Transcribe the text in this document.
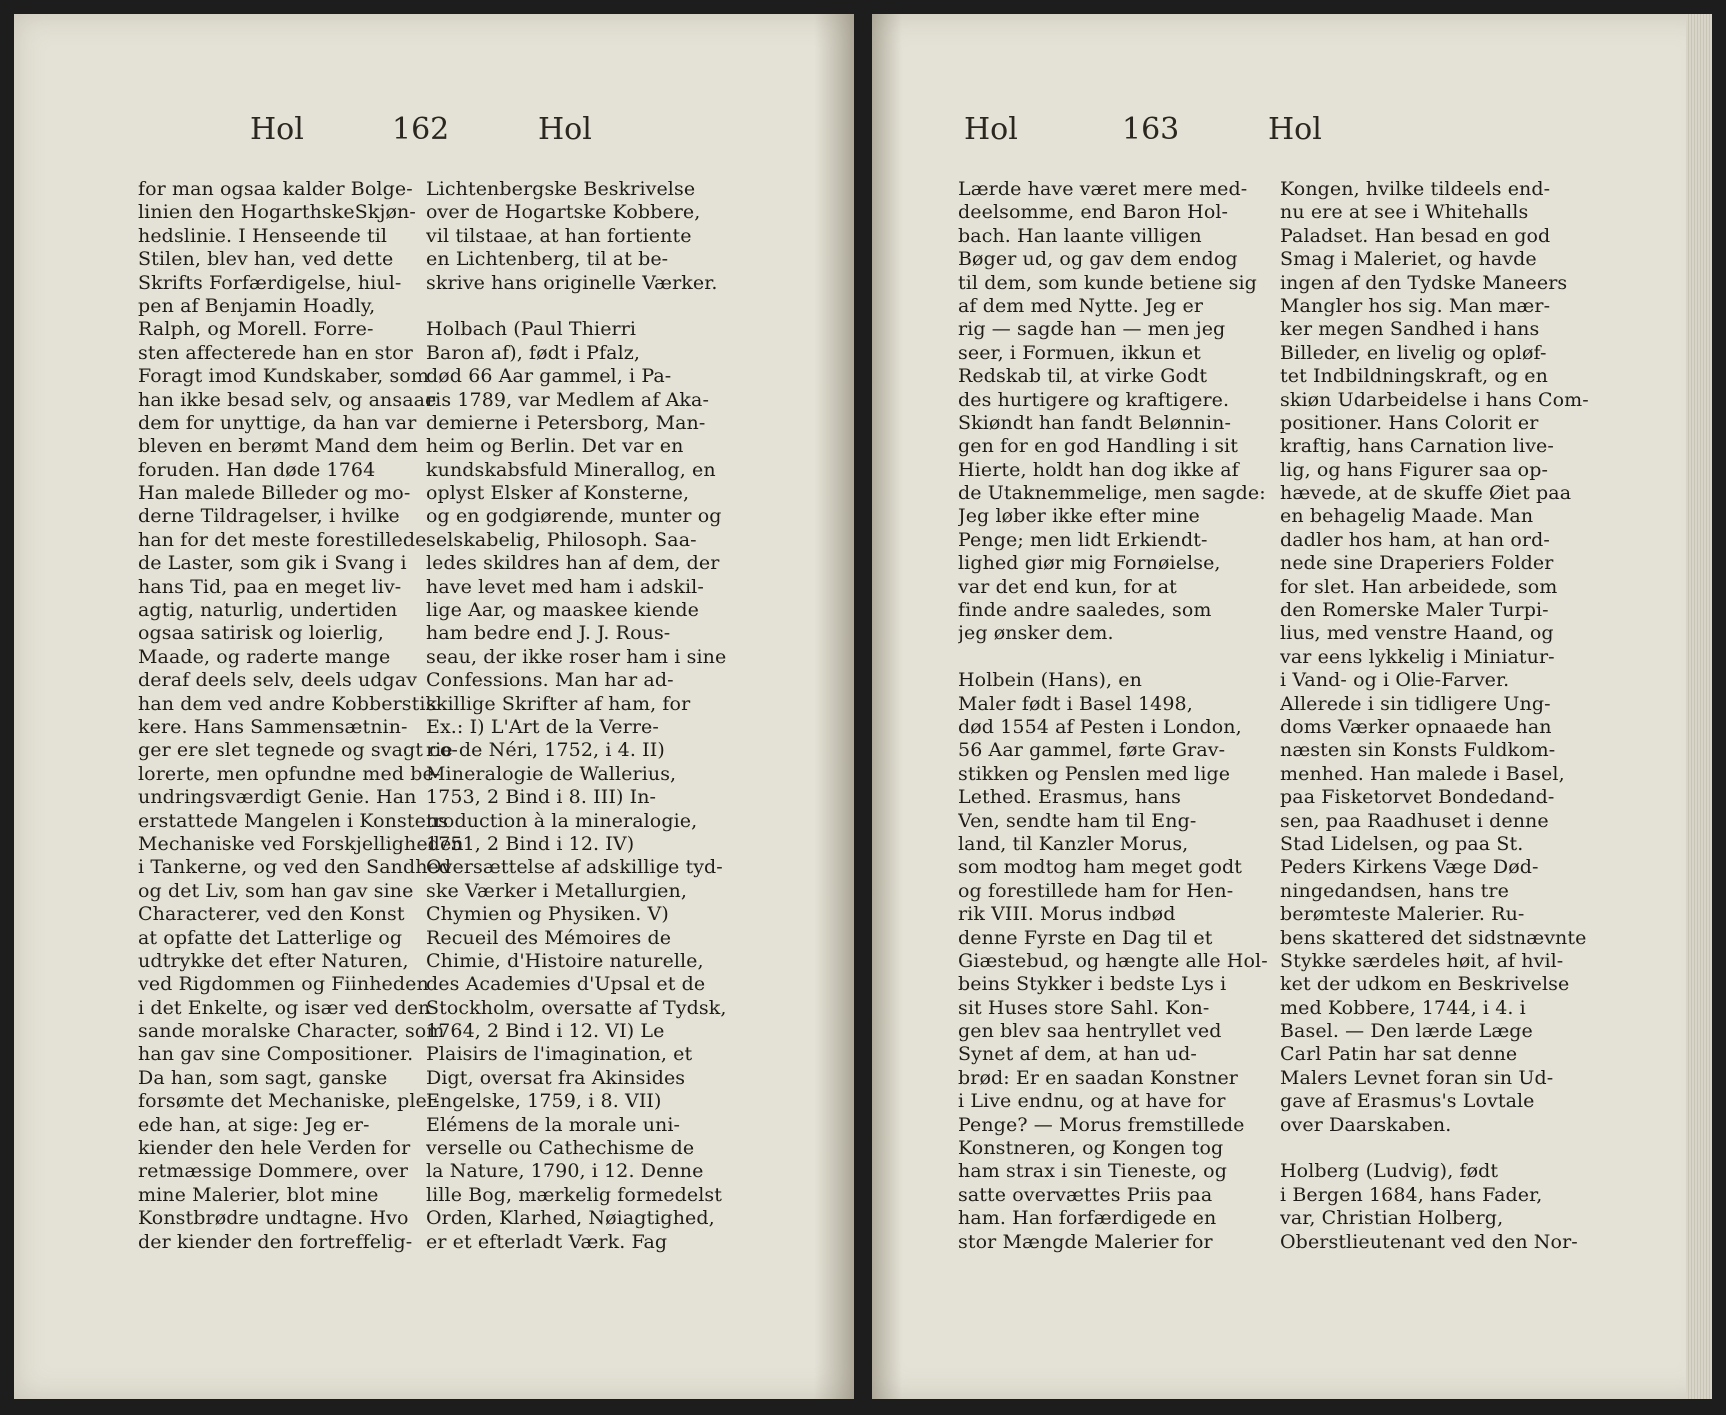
Hol	162	Hol
for man ogsaa kalder Bolge-
linien den HogarthskeSkjøn-
hedslinie. I Henseende til
Stilen, blev han, ved dette
Skrifts Forfærdigelse, hiul-
pen af Benjamin Hoadly,
Ralph, og Morell. Forre-
sten affecterede han en stor
Foragt imod Kundskaber, som
han ikke besad selv, og ansaae
dem for unyttige, da han var
bleven en berømt Mand dem
foruden. Han døde 1764
Han malede Billeder og mo-
derne Tildragelser, i hvilke
han for det meste forestillede
de Laster, som gik i Svang i
hans Tid, paa en meget liv-
agtig, naturlig, undertiden
ogsaa satirisk og loierlig,
Maade, og raderte mange
deraf deels selv, deels udgav
han dem ved andre Kobberstik-
kere. Hans Sammensætnin-
ger ere slet tegnede og svagt co-
lorerte, men opfundne med be-
undringsværdigt Genie. Han
erstattede Mangelen i Konstens
Mechaniske ved Forskjelligheden
i Tankerne, og ved den Sandhed
og det Liv, som han gav sine
Characterer, ved den Konst
at opfatte det Latterlige og
udtrykke det efter Naturen,
ved Rigdommen og Fiinheden
i det Enkelte, og især ved den
sande moralske Character, som
han gav sine Compositioner.
Da han, som sagt, ganske
forsømte det Mechaniske, plei-
ede han, at sige: Jeg er-
kiender den hele Verden for
retmæssige Dommere, over
mine Malerier, blot mine
Konstbrødre undtagne. Hvo
der kiender den fortreffelig-
Lichtenbergske Beskrivelse
over de Hogartske Kobbere,
vil tilstaae, at han fortiente
en Lichtenberg, til at be-
skrive hans originelle Værker.
Holbach (Paul Thierri
Baron af), født i Pfalz,
død 66 Aar gammel, i Pa-
ris 1789, var Medlem af Aka-
demierne i Petersborg, Man-
heim og Berlin. Det var en
kundskabsfuld Minerallog, en
oplyst Elsker af Konsterne,
og en godgiørende, munter og
selskabelig, Philosoph. Saa-
ledes skildres han af dem, der
have levet med ham i adskil-
lige Aar, og maaskee kiende
ham bedre end J. J. Rous-
seau, der ikke roser ham i sine
Confessions. Man har ad-
skillige Skrifter af ham, for
Ex.: I) L'Art de la Verre-
rie de Néri, 1752, i 4. II)
Mineralogie de Wallerius,
1753, 2 Bind i 8. III) In-
troduction à la mineralogie,
1751, 2 Bind i 12. IV)
Oversættelse af adskillige tyd-
ske Værker i Metallurgien,
Chymien og Physiken. V)
Recueil des Mémoires de
Chimie, d'Histoire naturelle,
des Academies d'Upsal et de
Stockholm, oversatte af Tydsk,
1764, 2 Bind i 12. VI) Le
Plaisirs de l'imagination, et
Digt, oversat fra Akinsides
Engelske, 1759, i 8. VII)
Elémens de la morale uni-
verselle ou Cathechisme de
la Nature, 1790, i 12. Denne
lille Bog, mærkelig formedelst
Orden, Klarhed, Nøiagtighed,
er et efterladt Værk. Fag
Hol	163	Hol
Lærde have været mere med-
deelsomme, end Baron Hol-
bach. Han laante villigen
Bøger ud, og gav dem endog
til dem, som kunde betiene sig
af dem med Nytte. Jeg er
rig — sagde han — men jeg
seer, i Formuen, ikkun et
Redskab til, at virke Godt
des hurtigere og kraftigere.
Skiøndt han fandt Belønnin-
gen for en god Handling i sit
Hierte, holdt han dog ikke af
de Utaknemmelige, men sagde:
Jeg løber ikke efter mine
Penge; men lidt Erkiendt-
lighed giør mig Fornøielse,
var det end kun, for at
finde andre saaledes, som
jeg ønsker dem.
Holbein (Hans), en
Maler født i Basel 1498,
død 1554 af Pesten i London,
56 Aar gammel, førte Grav-
stikken og Penslen med lige
Lethed. Erasmus, hans
Ven, sendte ham til Eng-
land, til Kanzler Morus,
som modtog ham meget godt
og forestillede ham for Hen-
rik VIII. Morus indbød
denne Fyrste en Dag til et
Giæstebud, og hængte alle Hol-
beins Stykker i bedste Lys i
sit Huses store Sahl. Kon-
gen blev saa hentryllet ved
Synet af dem, at han ud-
brød: Er en saadan Konstner
i Live endnu, og at have for
Penge? — Morus fremstillede
Konstneren, og Kongen tog
ham strax i sin Tieneste, og
satte overvættes Priis paa
ham. Han forfærdigede en
stor Mængde Malerier for
Kongen, hvilke tildeels end-
nu ere at see i Whitehalls
Paladset. Han besad en god
Smag i Maleriet, og havde
ingen af den Tydske Maneers
Mangler hos sig. Man mær-
ker megen Sandhed i hans
Billeder, en livelig og opløf-
tet Indbildningskraft, og en
skiøn Udarbeidelse i hans Com-
positioner. Hans Colorit er
kraftig, hans Carnation live-
lig, og hans Figurer saa op-
hævede, at de skuffe Øiet paa
en behagelig Maade. Man
dadler hos ham, at han ord-
nede sine Draperiers Folder
for slet. Han arbeidede, som
den Romerske Maler Turpi-
lius, med venstre Haand, og
var eens lykkelig i Miniatur-
i Vand- og i Olie-Farver.
Allerede i sin tidligere Ung-
doms Værker opnaaede han
næsten sin Konsts Fuldkom-
menhed. Han malede i Basel,
paa Fisketorvet Bondedand-
sen, paa Raadhuset i denne
Stad Lidelsen, og paa St.
Peders Kirkens Væge Død-
ningedandsen, hans tre
berømteste Malerier. Ru-
bens skattered det sidstnævnte
Stykke særdeles høit, af hvil-
ket der udkom en Beskrivelse
med Kobbere, 1744, i 4. i
Basel. — Den lærde Læge
Carl Patin har sat denne
Malers Levnet foran sin Ud-
gave af Erasmus's Lovtale
over Daarskaben.
Holberg (Ludvig), født
i Bergen 1684, hans Fader,
var, Christian Holberg,
Oberstlieutenant ved den Nor-
